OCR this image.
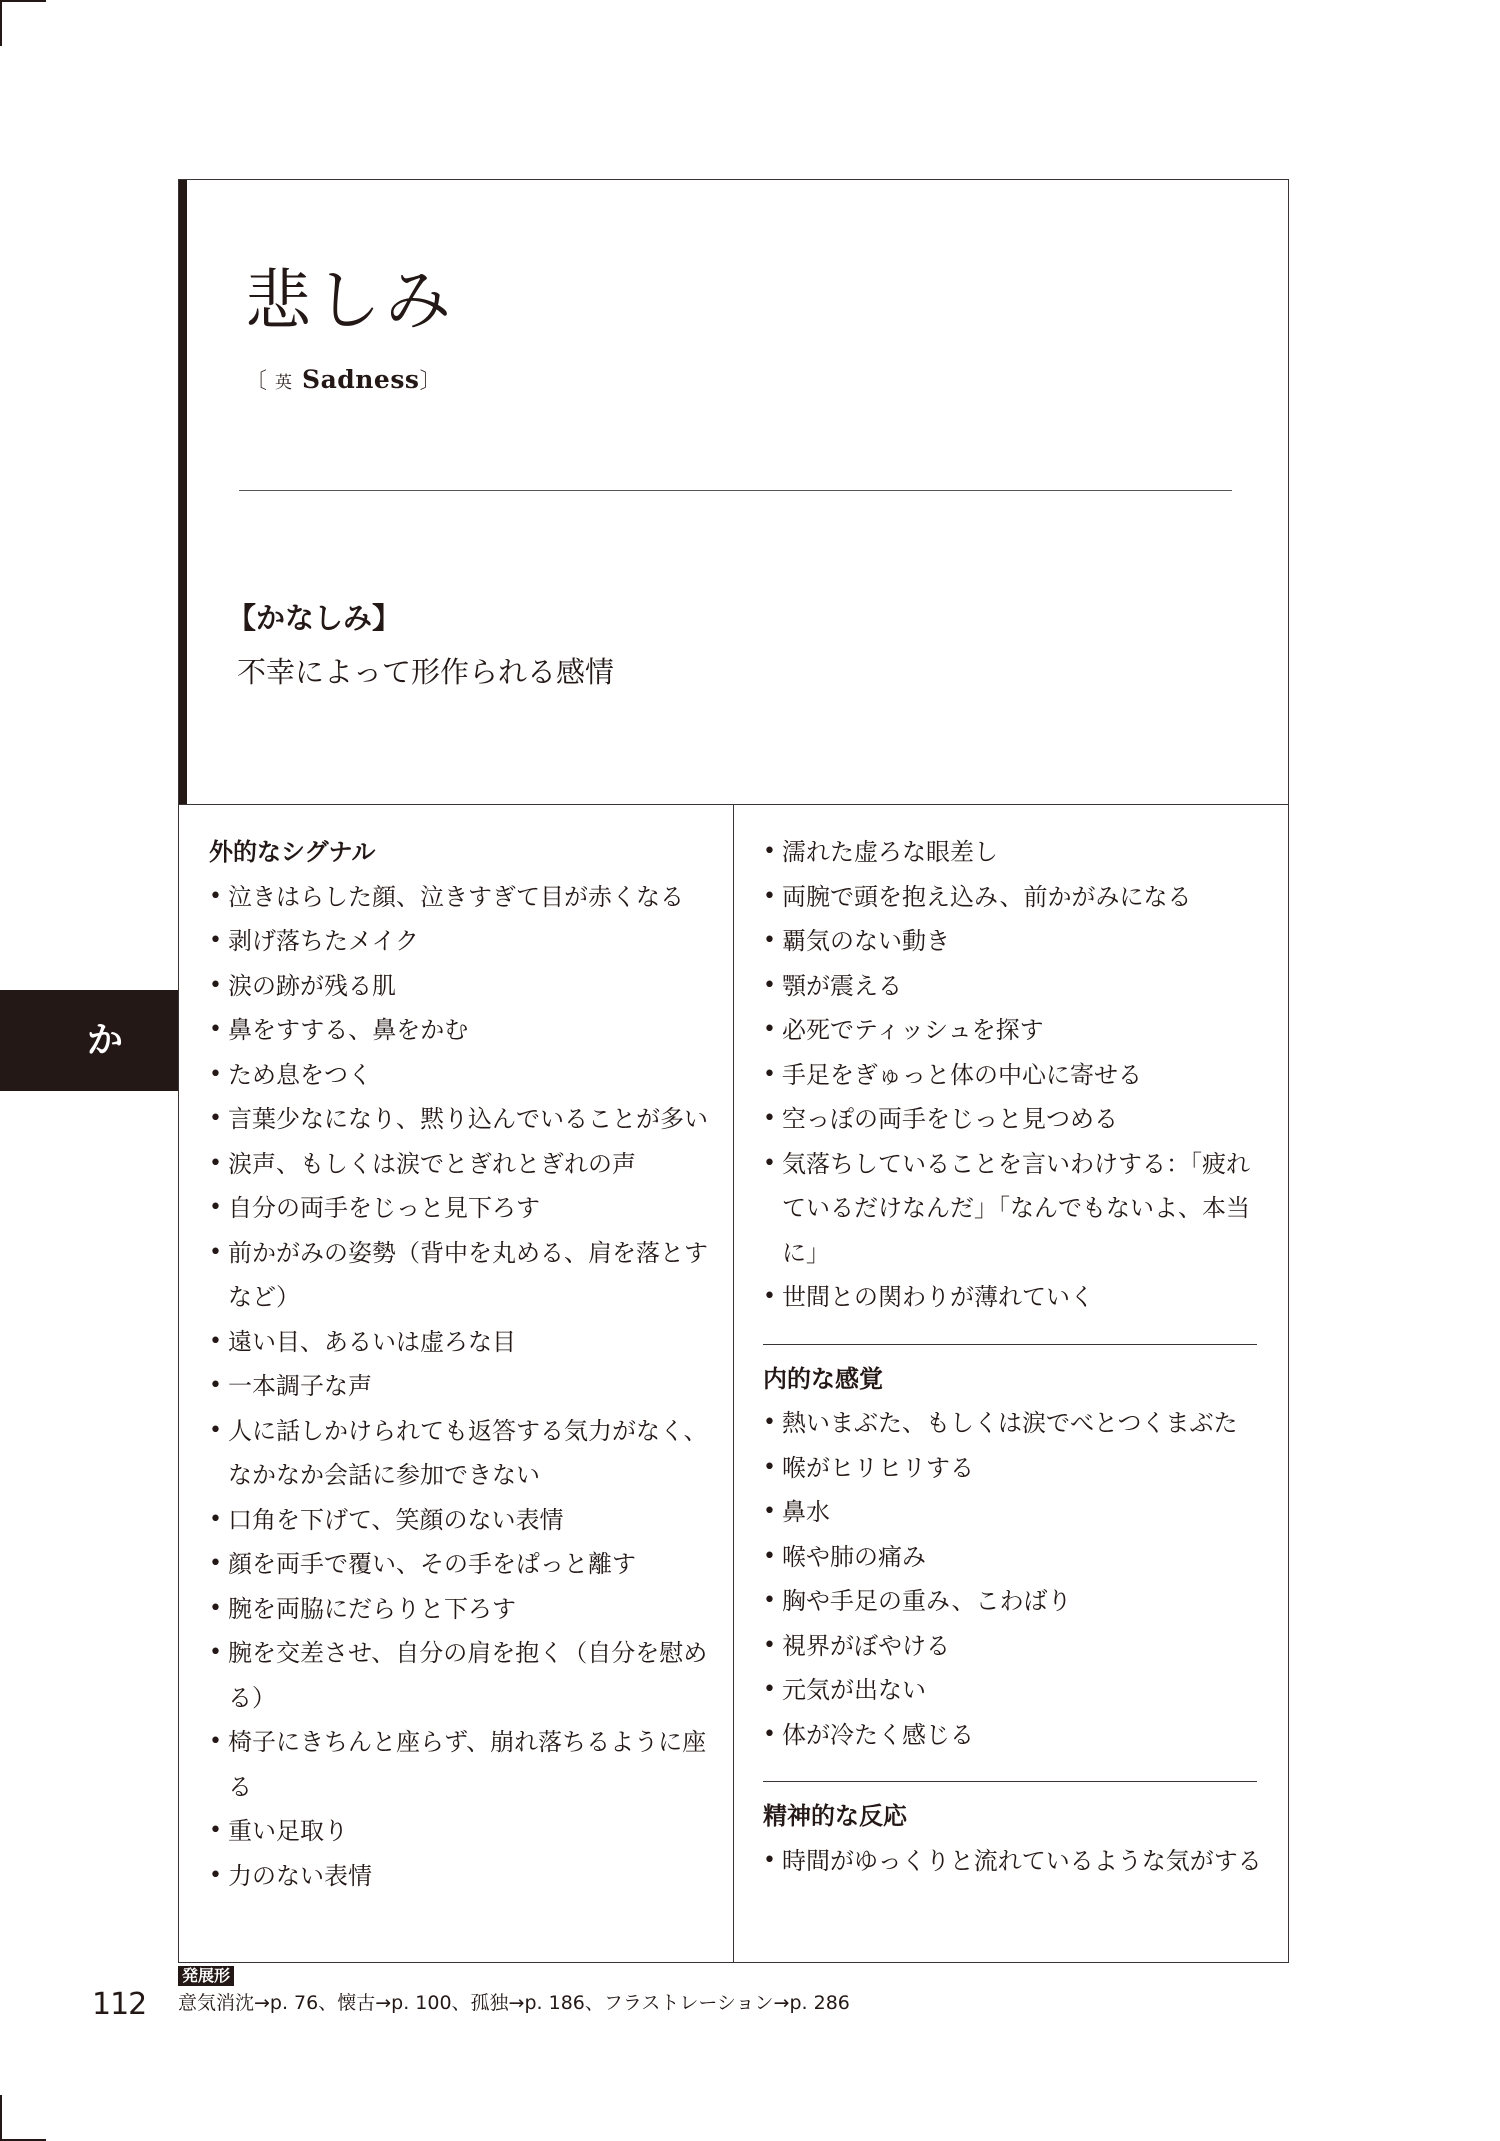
悲しみ
〔 英 Sadness〕
【かなしみ】
不幸によって形作られる感情
外的なシグナル
• 泣きはらした顔、泣きすぎて目が赤くなる
• 剥げ落ちたメイク
• 涙の跡が残る肌
• 鼻をすする、鼻をかむ
• ため息をつく
• 言葉少なになり、黙り込んでいることが多い
• 涙声、もしくは涙でとぎれとぎれの声
• 自分の両手をじっと見下ろす
• 前かがみの姿勢（背中を丸める、肩を落とすなど）
• 遠い目、あるいは虚ろな目
• 一本調子な声
• 人に話しかけられても返答する気力がなく、なかなか会話に参加できない
• 口角を下げて、笑顔のない表情
• 顔を両手で覆い、その手をぱっと離す
• 腕を両脇にだらりと下ろす
• 腕を交差させ、自分の肩を抱く（自分を慰める）
• 椅子にきちんと座らず、崩れ落ちるように座る
• 重い足取り
• 力のない表情
• 濡れた虚ろな眼差し
• 両腕で頭を抱え込み、前かがみになる
• 覇気のない動き
• 顎が震える
• 必死でティッシュを探す
• 手足をぎゅっと体の中心に寄せる
• 空っぽの両手をじっと見つめる
• 気落ちしていることを言いわけする：「疲れているだけなんだ」「なんでもないよ、本当に」
• 世間との関わりが薄れていく
内的な感覚
• 熱いまぶた、もしくは涙でべとつくまぶた
• 喉がヒリヒリする
• 鼻水
• 喉や肺の痛み
• 胸や手足の重み、こわばり
• 視界がぼやける
• 元気が出ない
• 体が冷たく感じる
精神的な反応
• 時間がゆっくりと流れているような気がする
か
112
発展形
意気消沈→p. 76、懐古→p. 100、孤独→p. 186、フラストレーション→p. 286
